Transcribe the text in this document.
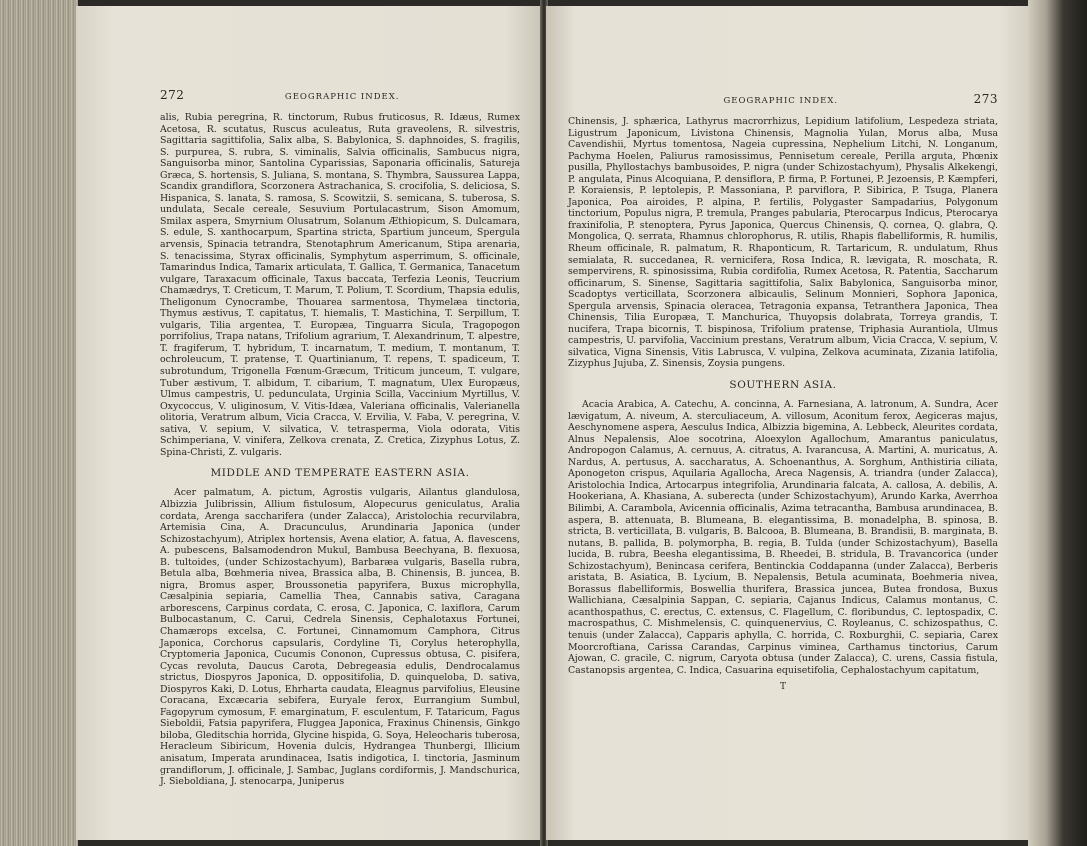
272	GEOGRAPHIC INDEX.

alis, Rubia peregrina, R. tinctorum, Rubus fruticosus, R. Idæus, Rumex Acetosa, R. scutatus, Ruscus aculeatus, Ruta graveolens, R. silvestris, Sagittaria sagittifolia, Salix alba, S. Babylonica, S. daphnoides, S. fragilis, S. purpurea, S. rubra, S. viminalis, Salvia officinalis, Sambucus nigra, Sanguisorba minor, Santolina Cyparissias, Saponaria officinalis, Satureja Græca, S. hortensis, S. Juliana, S. montana, S. Thymbra, Saussurea Lappa, Scandix grandiflora, Scorzonera Astrachanica, S. crocifolia, S. deliciosa, S. Hispanica, S. lanata, S. ramosa, S. Scowitzii, S. semicana, S. tuberosa, S. undulata, Secale cereale, Sesuvium Portulacastrum, Sison Amomum, Smilax aspera, Smyrnium Olusatrum, Solanum Æthiopicum, S. Dulcamara, S. edule, S. xanthocarpum, Spartina stricta, Spartium junceum, Spergula arvensis, Spinacia tetrandra, Stenotaphrum Americanum, Stipa arenaria, S. tenacissima, Styrax officinalis, Symphytum asperrimum, S. officinale, Tamarindus Indica, Tamarix articulata, T. Gallica, T. Germanica, Tanacetum vulgare, Taraxacum officinale, Taxus baccata, Terfezia Leonis, Teucrium Chamædrys, T. Creticum, T. Marum, T. Polium, T. Scordium, Thapsia edulis, Theligonum Cynocrambe, Thouarea sarmentosa, Thymelæa tinctoria, Thymus æstivus, T. capitatus, T. hiemalis, T. Mastichina, T. Serpillum, T. vulgaris, Tilia argentea, T. Europæa, Tinguarra Sicula, Tragopogon porrifolius, Trapa natans, Trifolium agrarium, T. Alexandrinum, T. alpestre, T. fragiferum, T. hybridum, T. incarnatum, T. medium, T. montanum, T. ochroleucum, T. pratense, T. Quartinianum, T. repens, T. spadiceum, T. subrotundum, Trigonella Fœnum-Græcum, Triticum junceum, T. vulgare, Tuber æstivum, T. albidum, T. cibarium, T. magnatum, Ulex Europæus, Ulmus campestris, U. pedunculata, Urginia Scilla, Vaccinium Myrtillus, V. Oxycoccus, V. uliginosum, V. Vitis-Idæa, Valeriana officinalis, Valerianella olitoria, Veratrum album, Vicia Cracca, V. Ervilia, V. Faba, V. peregrina, V. sativa, V. sepium, V. silvatica, V. tetrasperma, Viola odorata, Vitis Schimperiana, V. vinifera, Zelkova crenata, Z. Cretica, Zizyphus Lotus, Z. Spina-Christi, Z. vulgaris.

MIDDLE AND TEMPERATE EASTERN ASIA.

Acer palmatum, A. pictum, Agrostis vulgaris, Ailantus glandulosa, Albizzia Julibrissin, Allium fistulosum, Alopecurus geniculatus, Aralia cordata, Arenga saccharifera (under Zalacca), Aristolochia recurvilabra, Artemisia Cina, A. Dracunculus, Arundinaria Japonica (under Schizostachyum), Atriplex hortensis, Avena elatior, A. fatua, A. flavescens, A. pubescens, Balsamodendron Mukul, Bambusa Beechyana, B. flexuosa, B. tultoides, (under Schizostachyum), Barbaræa vulgaris, Basella rubra, Betula alba, Bœhmeria nivea, Brassica alba, B. Chinensis, B. juncea, B. nigra, Bromus asper, Broussonetia papyrifera, Buxus microphylla, Cæsalpinia sepiaria, Camellia Thea, Cannabis sativa, Caragana arborescens, Carpinus cordata, C. erosa, C. Japonica, C. laxiflora, Carum Bulbocastanum, C. Carui, Cedrela Sinensis, Cephalotaxus Fortunei, Chamærops excelsa, C. Fortunei, Cinnamomum Camphora, Citrus Japonica, Corchorus capsularis, Cordyline Ti, Corylus heterophylla, Cryptomeria Japonica, Cucumis Cononon, Cupressus obtusa, C. pisifera, Cycas revoluta, Daucus Carota, Debregeasia edulis, Dendrocalamus strictus, Diospyros Japonica, D. oppositifolia, D. quinqueloba, D. sativa, Diospyros Kaki, D. Lotus, Ehrharta caudata, Eleagnus parvifolius, Eleusine Coracana, Excæcaria sebifera, Euryale ferox, Eurrangium Sumbul, Fagopyrum cymosum, F. emarginatum, F. esculentum, F. Tataricum, Fagus Sieboldii, Fatsia papyrifera, Fluggea Japonica, Fraxinus Chinensis, Ginkgo biloba, Gleditschia horrida, Glycine hispida, G. Soya, Heleocharis tuberosa, Heracleum Sibiricum, Hovenia dulcis, Hydrangea Thunbergi, Illicium anisatum, Imperata arundinacea, Isatis indigotica, I. tinctoria, Jasminum grandiflorum, J. officinale, J. Sambac, Juglans cordiformis, J. Mandschurica, J. Sieboldiana, J. stenocarpa, Juniperus

GEOGRAPHIC INDEX.	273

Chinensis, J. sphærica, Lathyrus macrorrhizus, Lepidium latifolium, Lespedeza striata, Ligustrum Japonicum, Livistona Chinensis, Magnolia Yulan, Morus alba, Musa Cavendishii, Myrtus tomentosa, Nageia cupressina, Nephelium Litchi, N. Longanum, Pachyma Hoelen, Paliurus ramosissimus, Pennisetum cereale, Perilla arguta, Phœnix pusilla, Phyllostachys bambusoides, P. nigra (under Schizostachyum), Physalis Alkekengi, P. angulata, Pinus Alcoquiana, P. densiflora, P. firma, P. Fortunei, P. Jezoensis, P. Kæmpferi, P. Koraiensis, P. leptolepis, P. Massoniana, P. parviflora, P. Sibirica, P. Tsuga, Planera Japonica, Poa airoides, P. alpina, P. fertilis, Polygaster Sampadarius, Polygonum tinctorium, Populus nigra, P. tremula, Pranges pabularia, Pterocarpus Indicus, Pterocarya fraxinifolia, P. stenoptera, Pyrus Japonica, Quercus Chinensis, Q. cornea, Q. glabra, Q. Mongolica, Q. serrata, Rhamnus chlorophorus, R. utilis, Rhapis flabelliformis, R. humilis, Rheum officinale, R. palmatum, R. Rhaponticum, R. Tartaricum, R. undulatum, Rhus semialata, R. succedanea, R. vernicifera, Rosa Indica, R. lævigata, R. moschata, R. sempervirens, R. spinosissima, Rubia cordifolia, Rumex Acetosa, R. Patentia, Saccharum officinarum, S. Sinense, Sagittaria sagittifolia, Salix Babylonica, Sanguisorba minor, Scadoptys verticillata, Scorzonera albicaulis, Selinum Monnieri, Sophora Japonica, Spergula arvensis, Spinacia oleracea, Tetragonia expansa, Tetranthera Japonica, Thea Chinensis, Tilia Europæa, T. Manchurica, Thuyopsis dolabrata, Torreya grandis, T. nucifera, Trapa bicornis, T. bispinosa, Trifolium pratense, Triphasia Aurantiola, Ulmus campestris, U. parvifolia, Vaccinium prestans, Veratrum album, Vicia Cracca, V. sepium, V. silvatica, Vigna Sinensis, Vitis Labrusca, V. vulpina, Zelkova acuminata, Zizania latifolia, Zizyphus Jujuba, Z. Sinensis, Zoysia pungens.

SOUTHERN ASIA.

Acacia Arabica, A. Catechu, A. concinna, A. Farnesiana, A. latronum, A. Sundra, Acer lævigatum, A. niveum, A. sterculiaceum, A. villosum, Aconitum ferox, Aegiceras majus, Aeschynomene aspera, Aesculus Indica, Albizzia bigemina, A. Lebbeck, Aleurites cordata, Alnus Nepalensis, Aloe socotrina, Aloexylon Agallochum, Amarantus paniculatus, Andropogon Calamus, A. cernuus, A. citratus, A. Ivarancusa, A. Martini, A. muricatus, A. Nardus, A. pertusus, A. saccharatus, A. Schoenanthus, A. Sorghum, Anthistiria ciliata, Aponogeton crispus, Aquilaria Agallocha, Areca Nagensis, A. triandra (under Zalacca), Aristolochia Indica, Artocarpus integrifolia, Arundinaria falcata, A. callosa, A. debilis, A. Hookeriana, A. Khasiana, A. suberecta (under Schizostachyum), Arundo Karka, Averrhoa Bilimbi, A. Carambola, Avicennia officinalis, Azima tetracantha, Bambusa arundinacea, B. aspera, B. attenuata, B. Blumeana, B. elegantissima, B. monadelpha, B. spinosa, B. stricta, B. verticillata, B. vulgaris, B. Balcooa, B. Blumeana, B. Brandisii, B. marginata, B. nutans, B. pallida, B. polymorpha, B. regia, B. Tulda (under Schizostachyum), Basella lucida, B. rubra, Beesha elegantissima, B. Rheedei, B. stridula, B. Travancorica (under Schizostachyum), Benincasa cerifera, Bentinckia Coddapanna (under Zalacca), Berberis aristata, B. Asiatica, B. Lycium, B. Nepalensis, Betula acuminata, Boehmeria nivea, Borassus flabelliformis, Boswellia thurifera, Brassica juncea, Butea frondosa, Buxus Wallichiana, Cæsalpinia Sappan, C. sepiaria, Cajanus Indicus, Calamus montanus, C. acanthospathus, C. erectus, C. extensus, C. Flagellum, C. floribundus, C. leptospadix, C. macrospathus, C. Mishmelensis, C. quinquenervius, C. Royleanus, C. schizospathus, C. tenuis (under Zalacca), Capparis aphylla, C. horrida, C. Roxburghii, C. sepiaria, Carex Moorcroftiana, Carissa Carandas, Carpinus viminea, Carthamus tinctorius, Carum Ajowan, C. gracile, C. nigrum, Caryota obtusa (under Zalacca), C. urens, Cassia fistula, Castanopsis argentea, C. Indica, Casuarina equisetifolia, Cephalostachyum capitatum,

T
